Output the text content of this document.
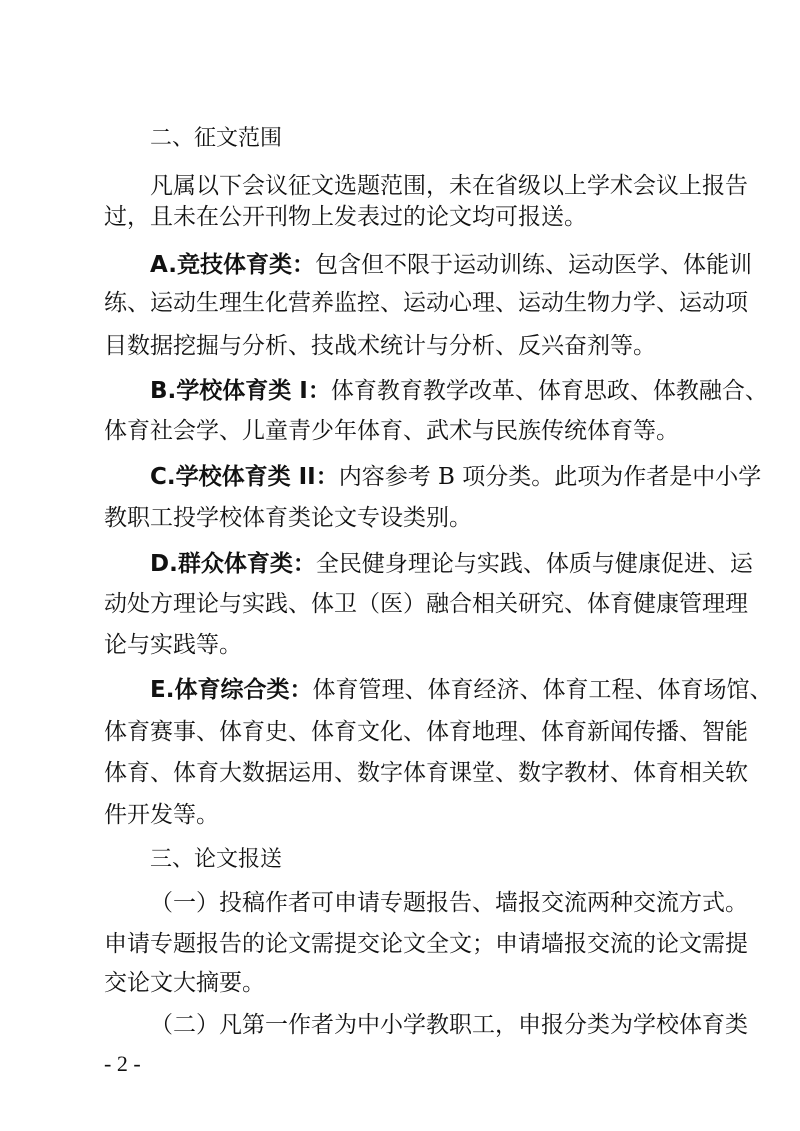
二、征文范围
凡属以下会议征文选题范围，未在省级以上学术会议上报告
过，且未在公开刊物上发表过的论文均可报送。
A.竞技体育类：包含但不限于运动训练、运动医学、体能训
练、运动生理生化营养监控、运动心理、运动生物力学、运动项
目数据挖掘与分析、技战术统计与分析、反兴奋剂等。
B.学校体育类 I：体育教育教学改革、体育思政、体教融合、
体育社会学、儿童青少年体育、武术与民族传统体育等。
C.学校体育类 II：内容参考 B 项分类。此项为作者是中小学
教职工投学校体育类论文专设类别。
D.群众体育类：全民健身理论与实践、体质与健康促进、运
动处方理论与实践、体卫（医）融合相关研究、体育健康管理理
论与实践等。
E.体育综合类：体育管理、体育经济、体育工程、体育场馆、
体育赛事、体育史、体育文化、体育地理、体育新闻传播、智能
体育、体育大数据运用、数字体育课堂、数字教材、体育相关软
件开发等。
三、论文报送
（一）投稿作者可申请专题报告、墙报交流两种交流方式。
申请专题报告的论文需提交论文全文；申请墙报交流的论文需提
交论文大摘要。
（二）凡第一作者为中小学教职工，申报分类为学校体育类
- 2 -
